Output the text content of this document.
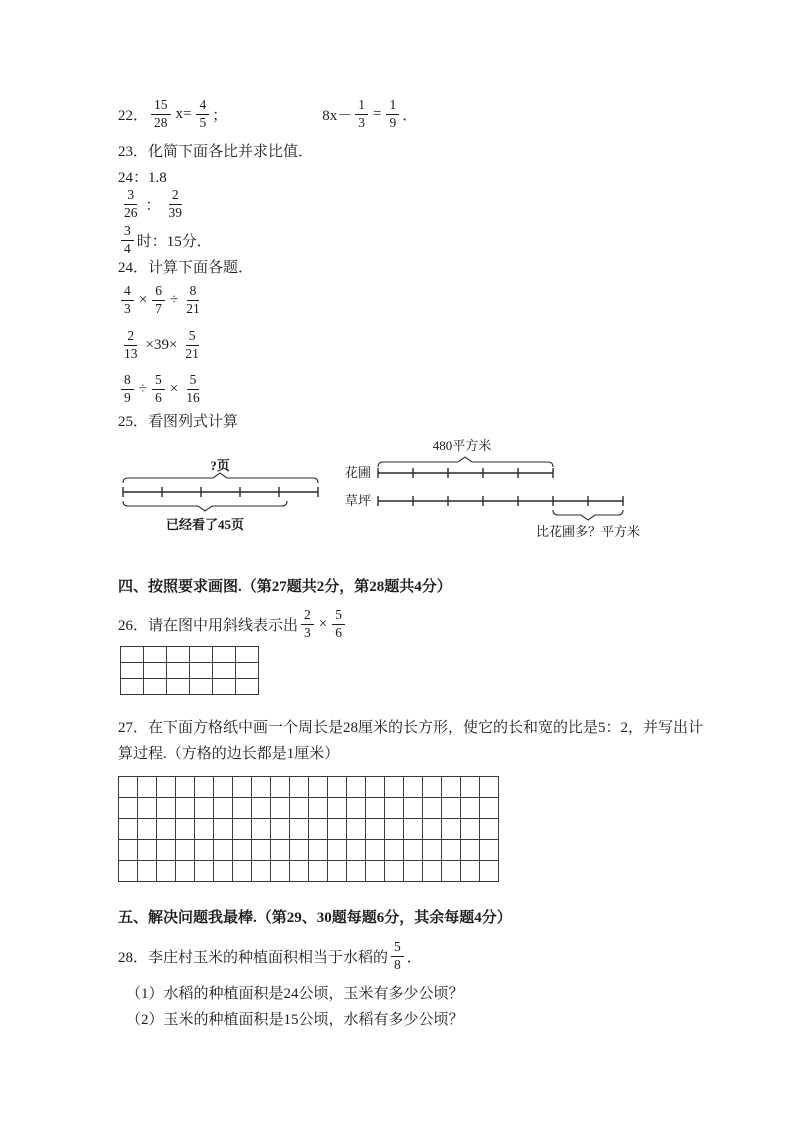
22． $\frac{15}{28} x= \frac{4}{5}$ ；	$8x- \frac{1}{3} = \frac{1}{9}$ ．
23．化简下面各比并求比值．
24：1.8
$\frac{3}{26}$ ： $\frac{2}{39}$
$\frac{3}{4}$ 时：15分．
24．计算下面各题．
$\frac{4}{3} \times \frac{6}{7} \div \frac{8}{21}$
$\frac{2}{13} \times 39\times \frac{5}{21}$
$\frac{8}{9} \div \frac{5}{6} \times \frac{5}{16}$
25．看图列式计算
?页
已经看了45页
480平方米
花圃
草坪
比花圃多？平方米
四、按照要求画图.（第27题共2分，第28题共4分）
26．请在图中用斜线表示出 $\frac{2}{3} \times \frac{5}{6}$
27．在下面方格纸中画一个周长是28厘米的长方形，使它的长和宽的比是5：2，并写出计
算过程.（方格的边长都是1厘米）
五、解决问题我最棒.（第29、30题每题6分，其余每题4分）
28．李庄村玉米的种植面积相当于水稻的 $\frac{5}{8}$ ．
（1）水稻的种植面积是24公顷，玉米有多少公顷？
（2）玉米的种植面积是15公顷，水稻有多少公顷？
